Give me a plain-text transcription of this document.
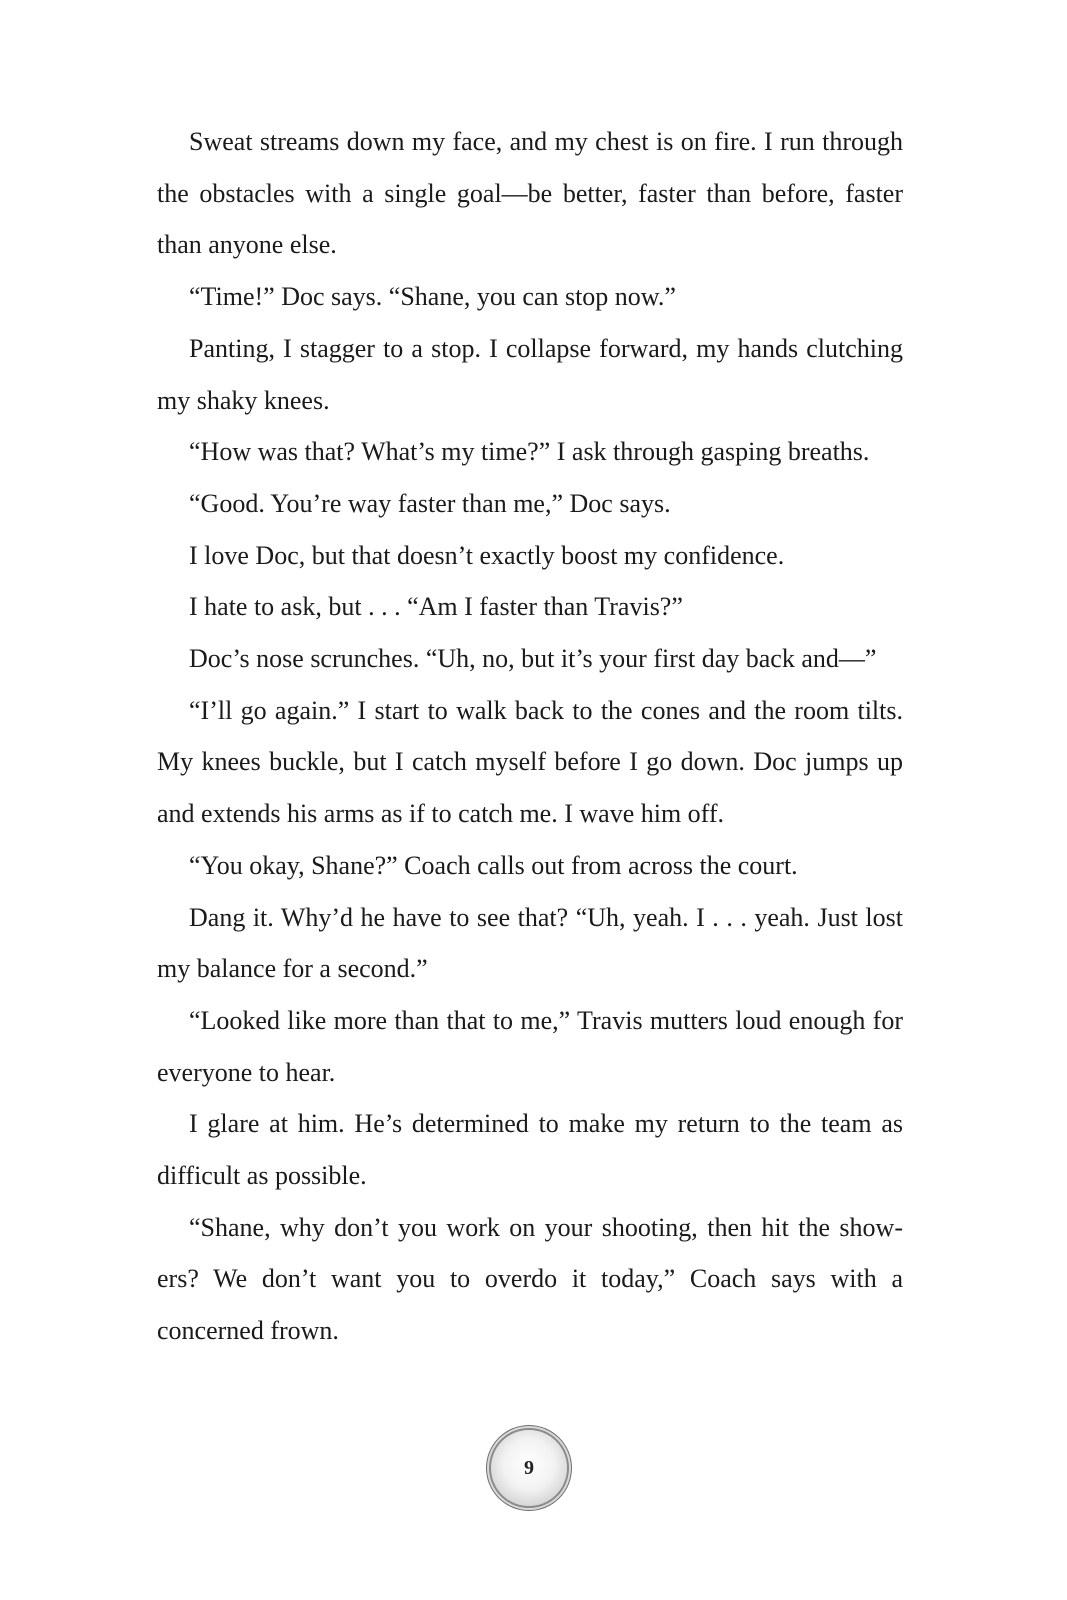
Sweat streams down my face, and my chest is on fire. I run through the obstacles with a single goal—be better, faster than before, faster than anyone else.

“Time!” Doc says. “Shane, you can stop now.”

Panting, I stagger to a stop. I collapse forward, my hands clutching my shaky knees.

“How was that? What’s my time?” I ask through gasping breaths.

“Good. You’re way faster than me,” Doc says.

I love Doc, but that doesn’t exactly boost my confidence.

I hate to ask, but . . . “Am I faster than Travis?”

Doc’s nose scrunches. “Uh, no, but it’s your first day back and—”

“I’ll go again.” I start to walk back to the cones and the room tilts. My knees buckle, but I catch myself before I go down. Doc jumps up and extends his arms as if to catch me. I wave him off.

“You okay, Shane?” Coach calls out from across the court.

Dang it. Why’d he have to see that? “Uh, yeah. I . . . yeah. Just lost my balance for a second.”

“Looked like more than that to me,” Travis mutters loud enough for everyone to hear.

I glare at him. He’s determined to make my return to the team as difficult as possible.

“Shane, why don’t you work on your shooting, then hit the showers? We don’t want you to overdo it today,” Coach says with a concerned frown.

9
